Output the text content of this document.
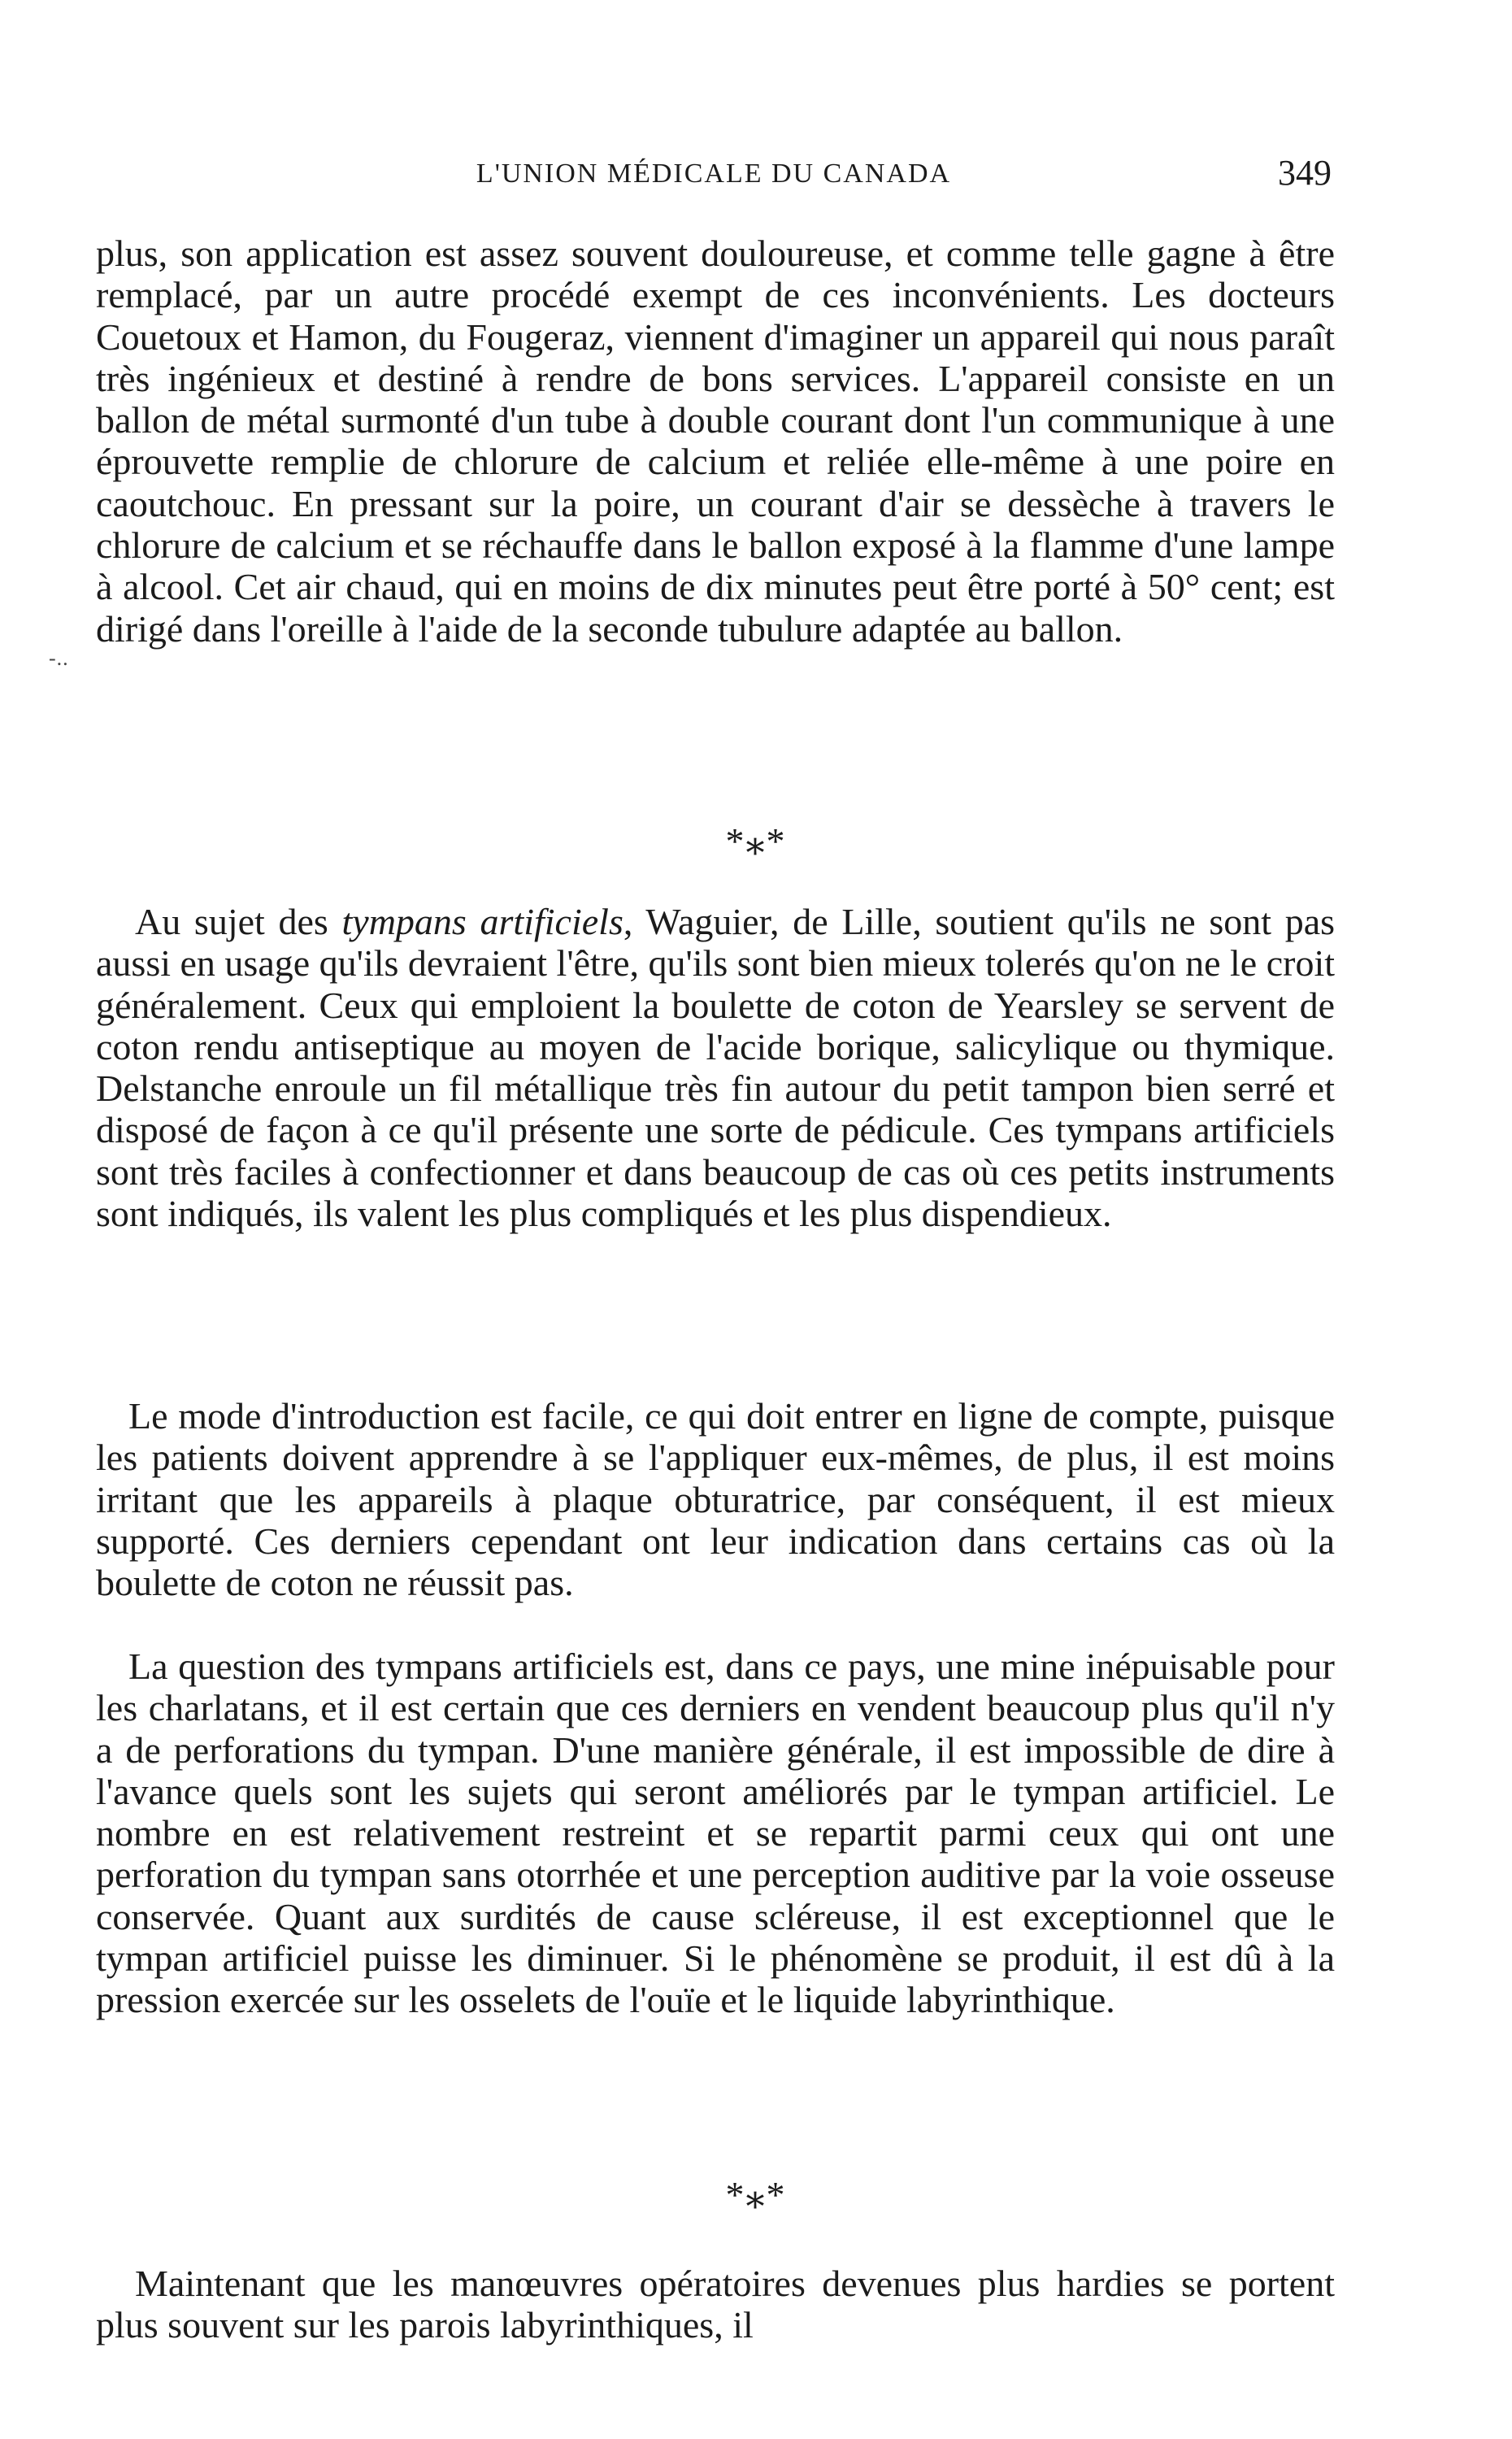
L'UNION MÉDICALE DU CANADA	349
plus, son application est assez souvent douloureuse, et comme telle gagne à être remplacé, par un autre procédé exempt de ces inconvénients. Les docteurs Couetoux et Hamon, du Fougeraz, viennent d'imaginer un appareil qui nous paraît très ingénieux et destiné à rendre de bons services. L'appareil consiste en un ballon de métal surmonté d'un tube à double courant dont l'un communique à une éprouvette remplie de chlorure de calcium et reliée elle-même à une poire en caoutchouc. En pressant sur la poire, un courant d'air se dessèche à travers le chlorure de calcium et se réchauffe dans le ballon exposé à la flamme d'une lampe à alcool. Cet air chaud, qui en moins de dix minutes peut être porté à 50° cent; est dirigé dans l'oreille à l'aide de la seconde tubulure adaptée au ballon.
-..
*⁎*
Au sujet des tympans artificiels, Waguier, de Lille, soutient qu'ils ne sont pas aussi en usage qu'ils devraient l'être, qu'ils sont bien mieux tolerés qu'on ne le croit généralement. Ceux qui emploient la boulette de coton de Yearsley se servent de coton rendu antiseptique au moyen de l'acide borique, salicylique ou thymique. Delstanche enroule un fil métallique très fin autour du petit tampon bien serré et disposé de façon à ce qu'il présente une sorte de pédicule. Ces tympans artificiels sont très faciles à confectionner et dans beaucoup de cas où ces petits instruments sont indiqués, ils valent les plus compliqués et les plus dispendieux.
Le mode d'introduction est facile, ce qui doit entrer en ligne de compte, puisque les patients doivent apprendre à se l'appliquer eux-mêmes, de plus, il est moins irritant que les appareils à plaque obturatrice, par conséquent, il est mieux supporté. Ces derniers cependant ont leur indication dans certains cas où la boulette de coton ne réussit pas.
La question des tympans artificiels est, dans ce pays, une mine inépuisable pour les charlatans, et il est certain que ces derniers en vendent beaucoup plus qu'il n'y a de perforations du tympan. D'une manière générale, il est impossible de dire à l'avance quels sont les sujets qui seront améliorés par le tympan artificiel. Le nombre en est relativement restreint et se repartit parmi ceux qui ont une perforation du tympan sans otorrhée et une perception auditive par la voie osseuse conservée. Quant aux surdités de cause scléreuse, il est exceptionnel que le tympan artificiel puisse les diminuer. Si le phénomène se produit, il est dû à la pression exercée sur les osselets de l'ouïe et le liquide labyrinthique.
*⁎*
Maintenant que les manœuvres opératoires devenues plus hardies se portent plus souvent sur les parois labyrinthiques, il
